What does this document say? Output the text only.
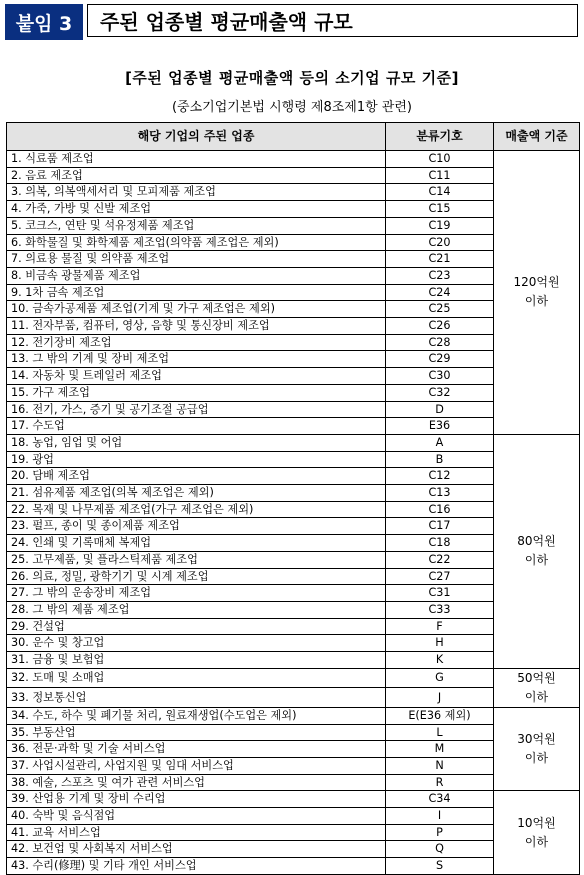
붙임 3	주된 업종별 평균매출액 규모
[주된 업종별 평균매출액 등의 소기업 규모 기준]
(중소기업기본법 시행령 제8조제1항 관련)
해당 기업의 주된 업종	분류기호	매출액 기준
1. 식료품 제조업	C10	120억원
이하

2. 음료 제조업	C11	
3. 의복, 의복액세서리 및 모피제품 제조업	C14	
4. 가죽, 가방 및 신발 제조업	C15	
5. 코크스, 연탄 및 석유정제품 제조업	C19	
6. 화학물질 및 화학제품 제조업(의약품 제조업은 제외)	C20	
7. 의료용 물질 및 의약품 제조업	C21	
8. 비금속 광물제품 제조업	C23	
9. 1차 금속 제조업	C24	
10. 금속가공제품 제조업(기계 및 가구 제조업은 제외)	C25	
11. 전자부품, 컴퓨터, 영상, 음향 및 통신장비 제조업	C26	
12. 전기장비 제조업	C28	
13. 그 밖의 기계 및 장비 제조업	C29	
14. 자동차 및 트레일러 제조업	C30	
15. 가구 제조업	C32	
16. 전기, 가스, 증기 및 공기조절 공급업	D	
17. 수도업	E36	
18. 농업, 임업 및 어업	A	80억원
이하

19. 광업	B	
20. 담배 제조업	C12	
21. 섬유제품 제조업(의복 제조업은 제외)	C13	
22. 목재 및 나무제품 제조업(가구 제조업은 제외)	C16	
23. 펄프, 종이 및 종이제품 제조업	C17	
24. 인쇄 및 기록매체 복제업	C18	
25. 고무제품, 및 플라스틱제품 제조업	C22	
26. 의료, 정밀, 광학기기 및 시계 제조업	C27	
27. 그 밖의 운송장비 제조업	C31	
28. 그 밖의 제품 제조업	C33	
29. 건설업	F	
30. 운수 및 창고업	H	
31. 금융 및 보험업	K	
32. 도매 및 소매업	G	50억원
이하

33. 정보통신업	J	
34. 수도, 하수 및 폐기물 처리, 원료재생업(수도업은 제외)	E(E36 제외)	30억원
이하

35. 부동산업	L	
36. 전문·과학 및 기술 서비스업	M	
37. 사업시설관리, 사업지원 및 임대 서비스업	N	
38. 예술, 스포츠 및 여가 관련 서비스업	R	
39. 산업용 기계 및 장비 수리업	C34	10억원
이하

40. 숙박 및 음식점업	I	
41. 교육 서비스업	P	
42. 보건업 및 사회복지 서비스업	Q	
43. 수리(修理) 및 기타 개인 서비스업	S	
